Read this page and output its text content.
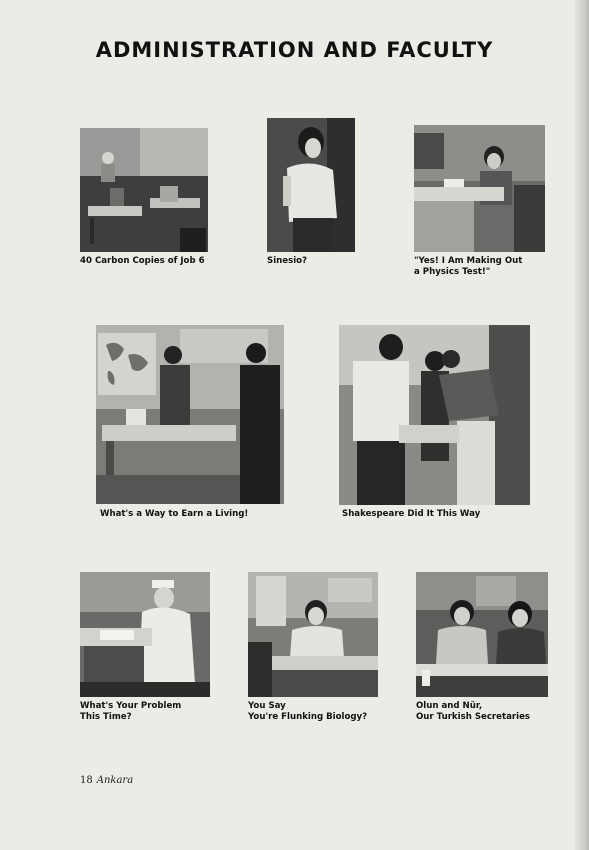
ADMINISTRATION AND FACULTY
40 Carbon Copies of Job 6	Sinesio?	"Yes! I Am Making Out
a Physics Test!"
What's a Way to Earn a Living!	Shakespeare Did It This Way
What's Your Problem
This Time?
You Say
You're Flunking Biology?
Olun and Nür,
Our Turkish Secretaries
18 Ankara
